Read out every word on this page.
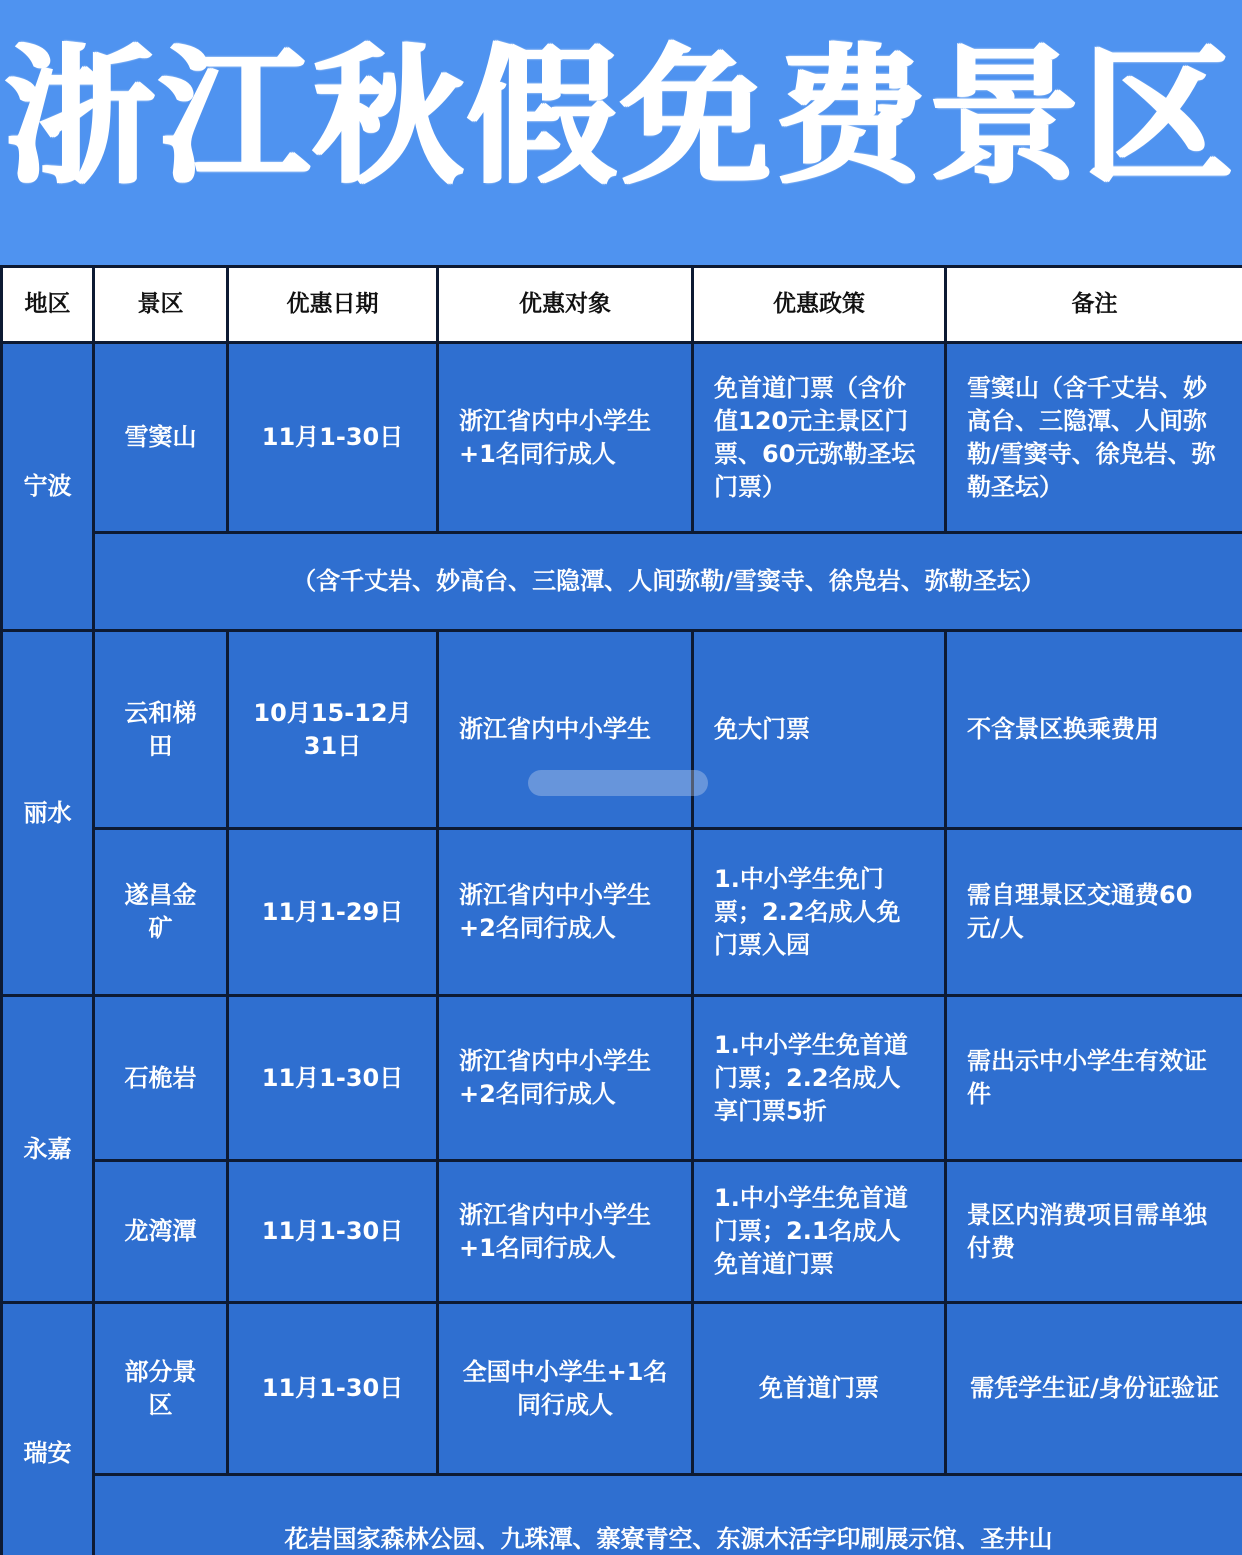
浙江秋假免费景区
地区	景区	优惠日期	优惠对象	优惠政策	备注
宁波	雪窦山	11月1-30日	浙江省内中小学生+1名同行成人	免首道门票（含价值120元主景区门票、60元弥勒圣坛门票）	雪窦山（含千丈岩、妙高台、三隐潭、人间弥勒/雪窦寺、徐凫岩、弥勒圣坛）
	（含千丈岩、妙高台、三隐潭、人间弥勒/雪窦寺、徐凫岩、弥勒圣坛）				
丽水	云和梯田	10月15-12月31日	浙江省内中小学生	免大门票	不含景区换乘费用
	遂昌金矿	11月1-29日	浙江省内中小学生+2名同行成人	1.中小学生免门票；2.2名成人免门票入园	需自理景区交通费60元/人
永嘉	石桅岩	11月1-30日	浙江省内中小学生+2名同行成人	1.中小学生免首道门票；2.2名成人享门票5折	需出示中小学生有效证件
	龙湾潭	11月1-30日	浙江省内中小学生+1名同行成人	1.中小学生免首道门票；2.1名成人免首道门票	景区内消费项目需单独付费
瑞安	部分景区	11月1-30日	全国中小学生+1名同行成人	免首道门票	需凭学生证/身份证验证
	花岩国家森林公园、九珠潭、寨寮青空、东源木活字印刷展示馆、圣井山				
